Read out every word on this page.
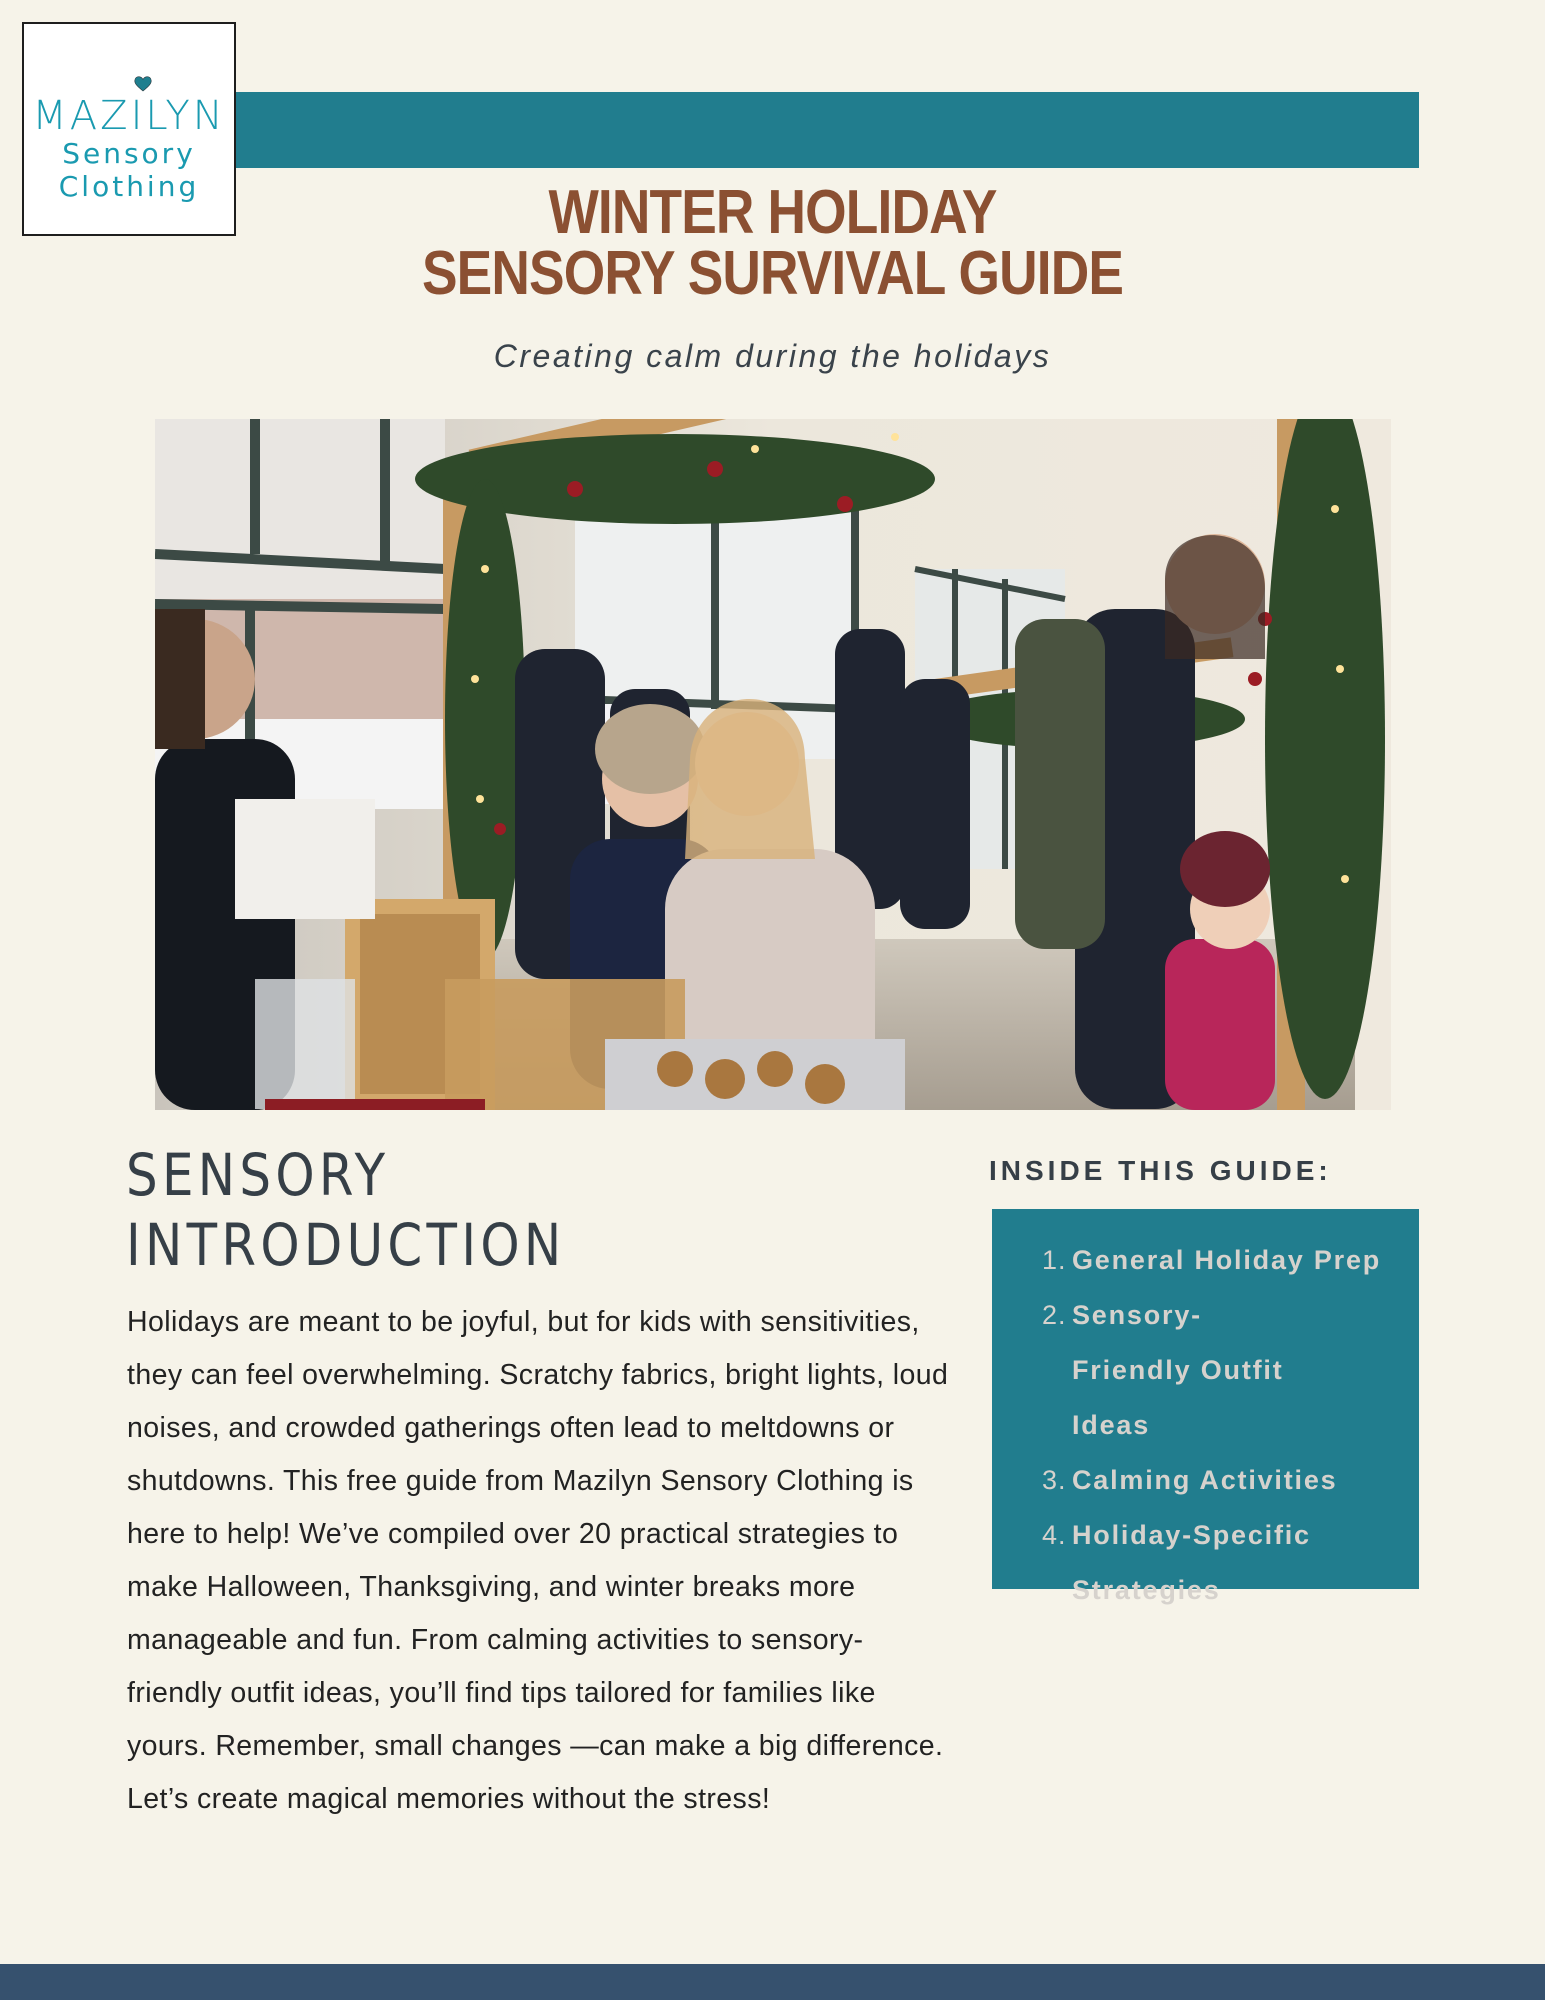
MAZILYN
Sensory
Clothing	WINTER HOLIDAY
SENSORY SURVIVAL GUIDE
Creating calm during the holidays
SENSORY
INTRODUCTION

Holidays are meant to be joyful, but for kids with sensitivities, they can feel overwhelming. Scratchy fabrics, bright lights, loud noises, and crowded gatherings often lead to meltdowns or shutdowns. This free guide from Mazilyn Sensory Clothing is here to help! We’ve compiled over 20 practical strategies to make Halloween, Thanksgiving, and winter breaks more manageable and fun. From calming activities to sensory-friendly outfit ideas, you’ll find tips tailored for families like yours. Remember, small changes —can make a big difference. Let’s create magical memories without the stress!

INSIDE THIS GUIDE:
1. General Holiday Prep
2. Sensory-Friendly Outfit Ideas
3. Calming Activities
4. Holiday-Specific Strategies
